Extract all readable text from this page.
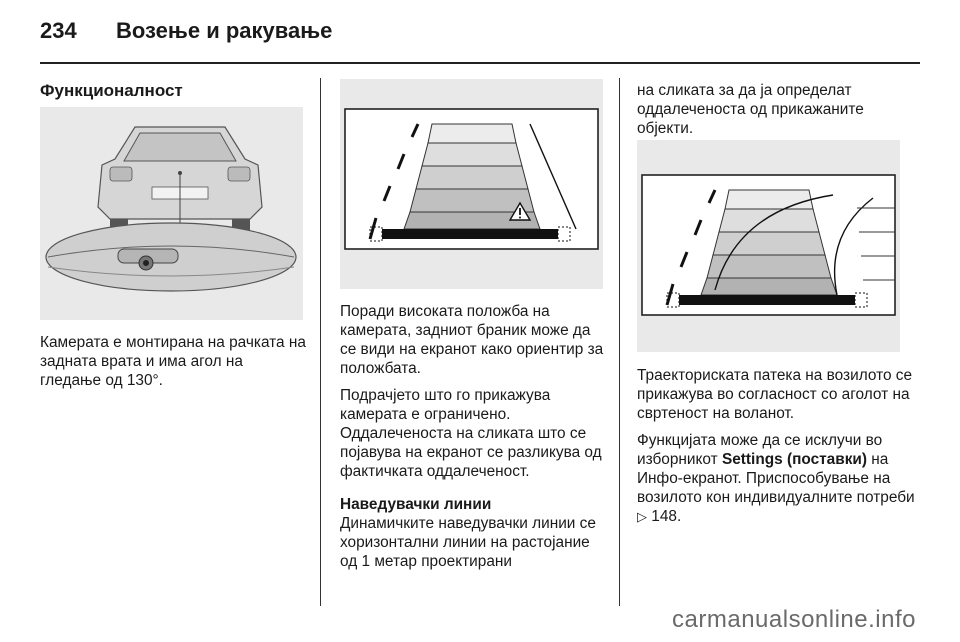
234 Возење и ракување
Функционалност

Камерата е монтирана на рачката на задната врата и има агол на гледање од 130°.

Поради високата положба на камерата, задниот браник може да се види на екранот како ориентир за положбата.

Подрачјето што го прикажува камерата е ограничено. Оддалеченоста на сликата што се појавува на екранот се разликува од фактичката оддалеченост.

Наведувачки линии

Динамичките наведувачки линии се хоризонтални линии на растојание од 1 метар проектирани

на сликата за да ја определат оддалеченоста од прикажаните објекти.

Траекториската патека на возилото се прикажува во согласност со аголот на свртеност на воланот.

Функцијата може да се исклучи во изборникот Settings (поставки) на Инфо-екранот. Приспособување на возилото кон индивидуалните потреби ▷ 148.

carmanualsonline.info
